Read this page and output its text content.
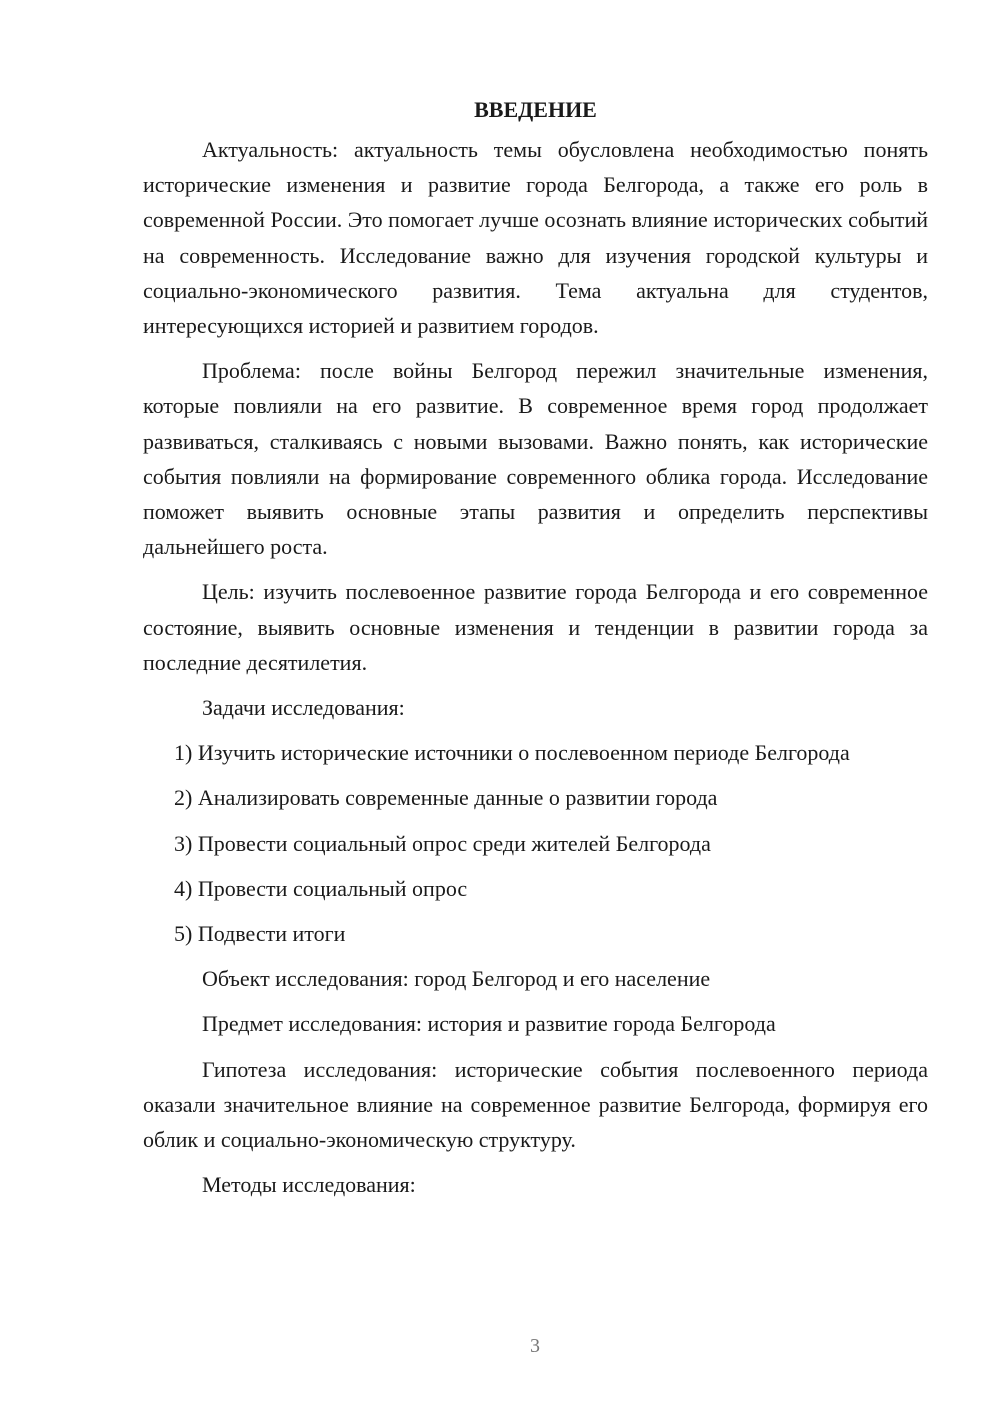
ВВЕДЕНИЕ

Актуальность: актуальность темы обусловлена необходимостью понять исторические изменения и развитие города Белгорода, а также его роль в современной России. Это помогает лучше осознать влияние исторических событий на современность. Исследование важно для изучения городской культуры и социально-экономического развития. Тема актуальна для студентов, интересующихся историей и развитием городов.

Проблема: после войны Белгород пережил значительные изменения, которые повлияли на его развитие. В современное время город продолжает развиваться, сталкиваясь с новыми вызовами. Важно понять, как исторические события повлияли на формирование современного облика города. Исследование поможет выявить основные этапы развития и определить перспективы дальнейшего роста.

Цель: изучить послевоенное развитие города Белгорода и его современное состояние, выявить основные изменения и тенденции в развитии города за последние десятилетия.

Задачи исследования:

1) Изучить исторические источники о послевоенном периоде Белгорода

2) Анализировать современные данные о развитии города

3) Провести социальный опрос среди жителей Белгорода

4) Провести социальный опрос

5) Подвести итоги

Объект исследования: город Белгород и его население

Предмет исследования: история и развитие города Белгорода

Гипотеза исследования: исторические события послевоенного периода оказали значительное влияние на современное развитие Белгорода, формируя его облик и социально-экономическую структуру.

Методы исследования:

3
